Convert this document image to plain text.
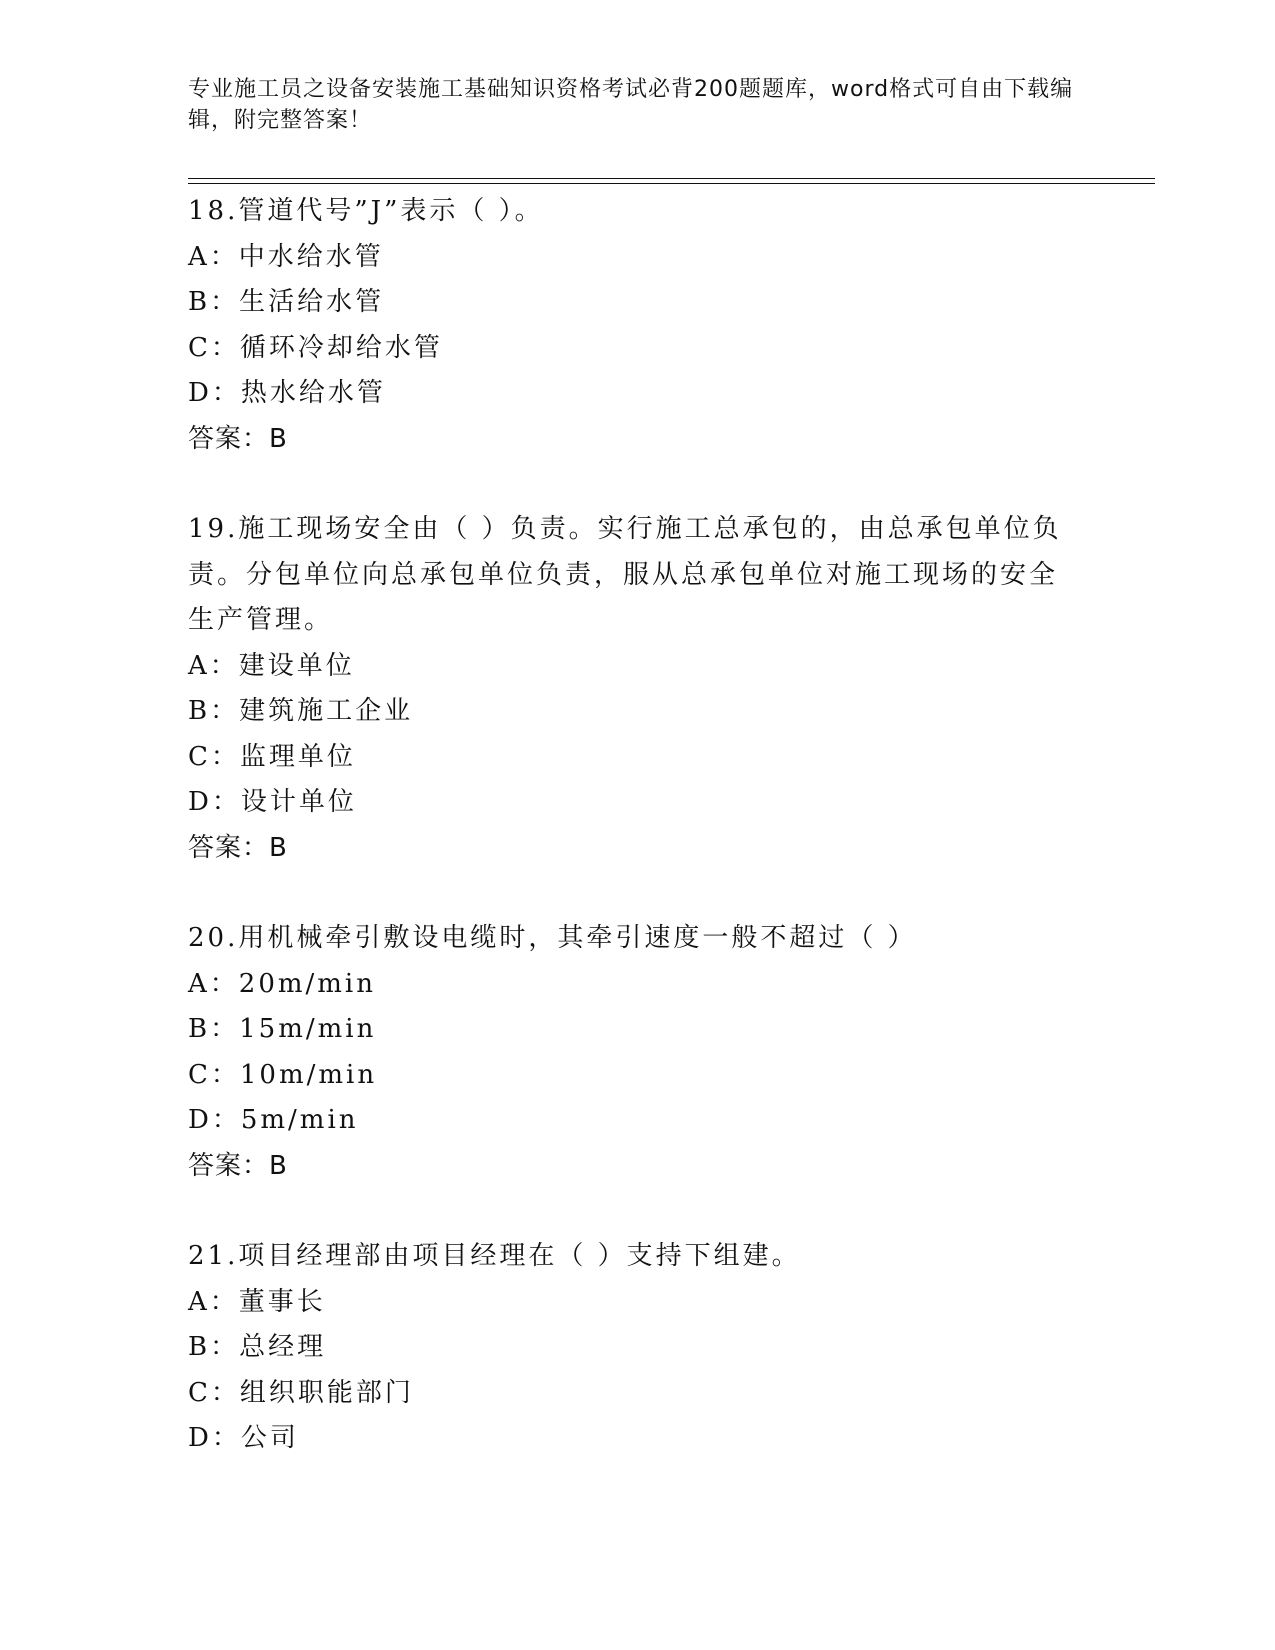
专业施工员之设备安装施工基础知识资格考试必背200题题库，word格式可自由下载编辑，附完整答案！
18.管道代号”J”表示（ ）。
A：中水给水管
B：生活给水管
C：循环冷却给水管
D：热水给水管
答案：B
19.施工现场安全由（ ）负责。实行施工总承包的，由总承包单位负责。分包单位向总承包单位负责，服从总承包单位对施工现场的安全生产管理。
A：建设单位
B：建筑施工企业
C：监理单位
D：设计单位
答案：B
20.用机械牵引敷设电缆时，其牵引速度一般不超过（ ）
A：20m/min
B：15m/min
C：10m/min
D：5m/min
答案：B
21.项目经理部由项目经理在（ ）支持下组建。
A：董事长
B：总经理
C：组织职能部门
D：公司
